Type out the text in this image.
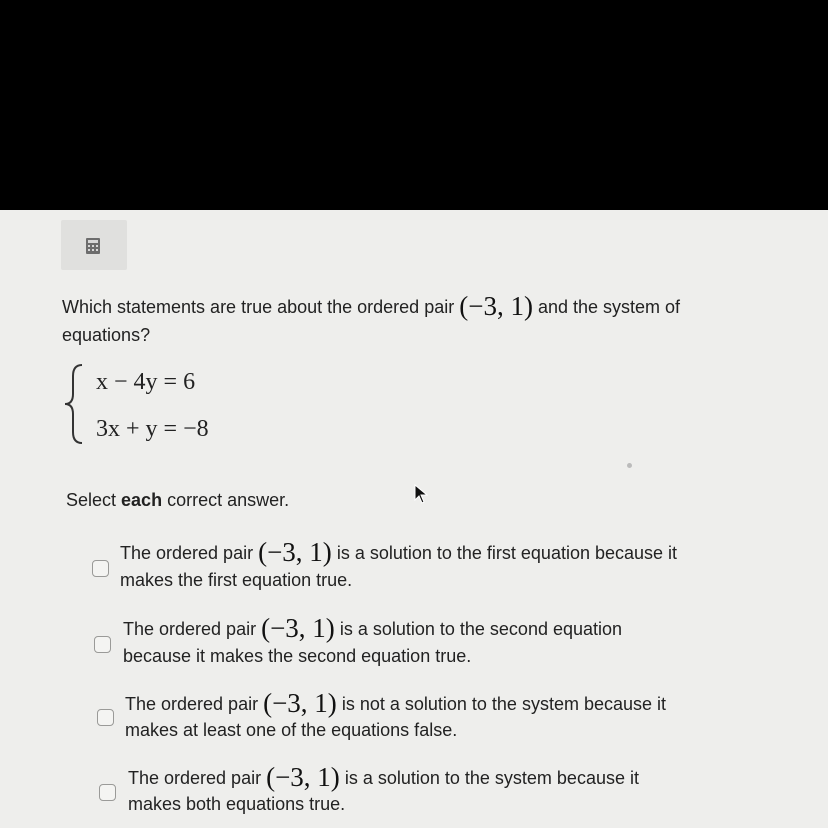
Which statements are true about the ordered pair (−3, 1) and the system of
equations?
x − 4y = 6
3x + y = −8
Select each correct answer.
The ordered pair (−3, 1) is a solution to the first equation because it
makes the first equation true.
The ordered pair (−3, 1) is a solution to the second equation
because it makes the second equation true.
The ordered pair (−3, 1) is not a solution to the system because it
makes at least one of the equations false.
The ordered pair (−3, 1) is a solution to the system because it
makes both equations true.
